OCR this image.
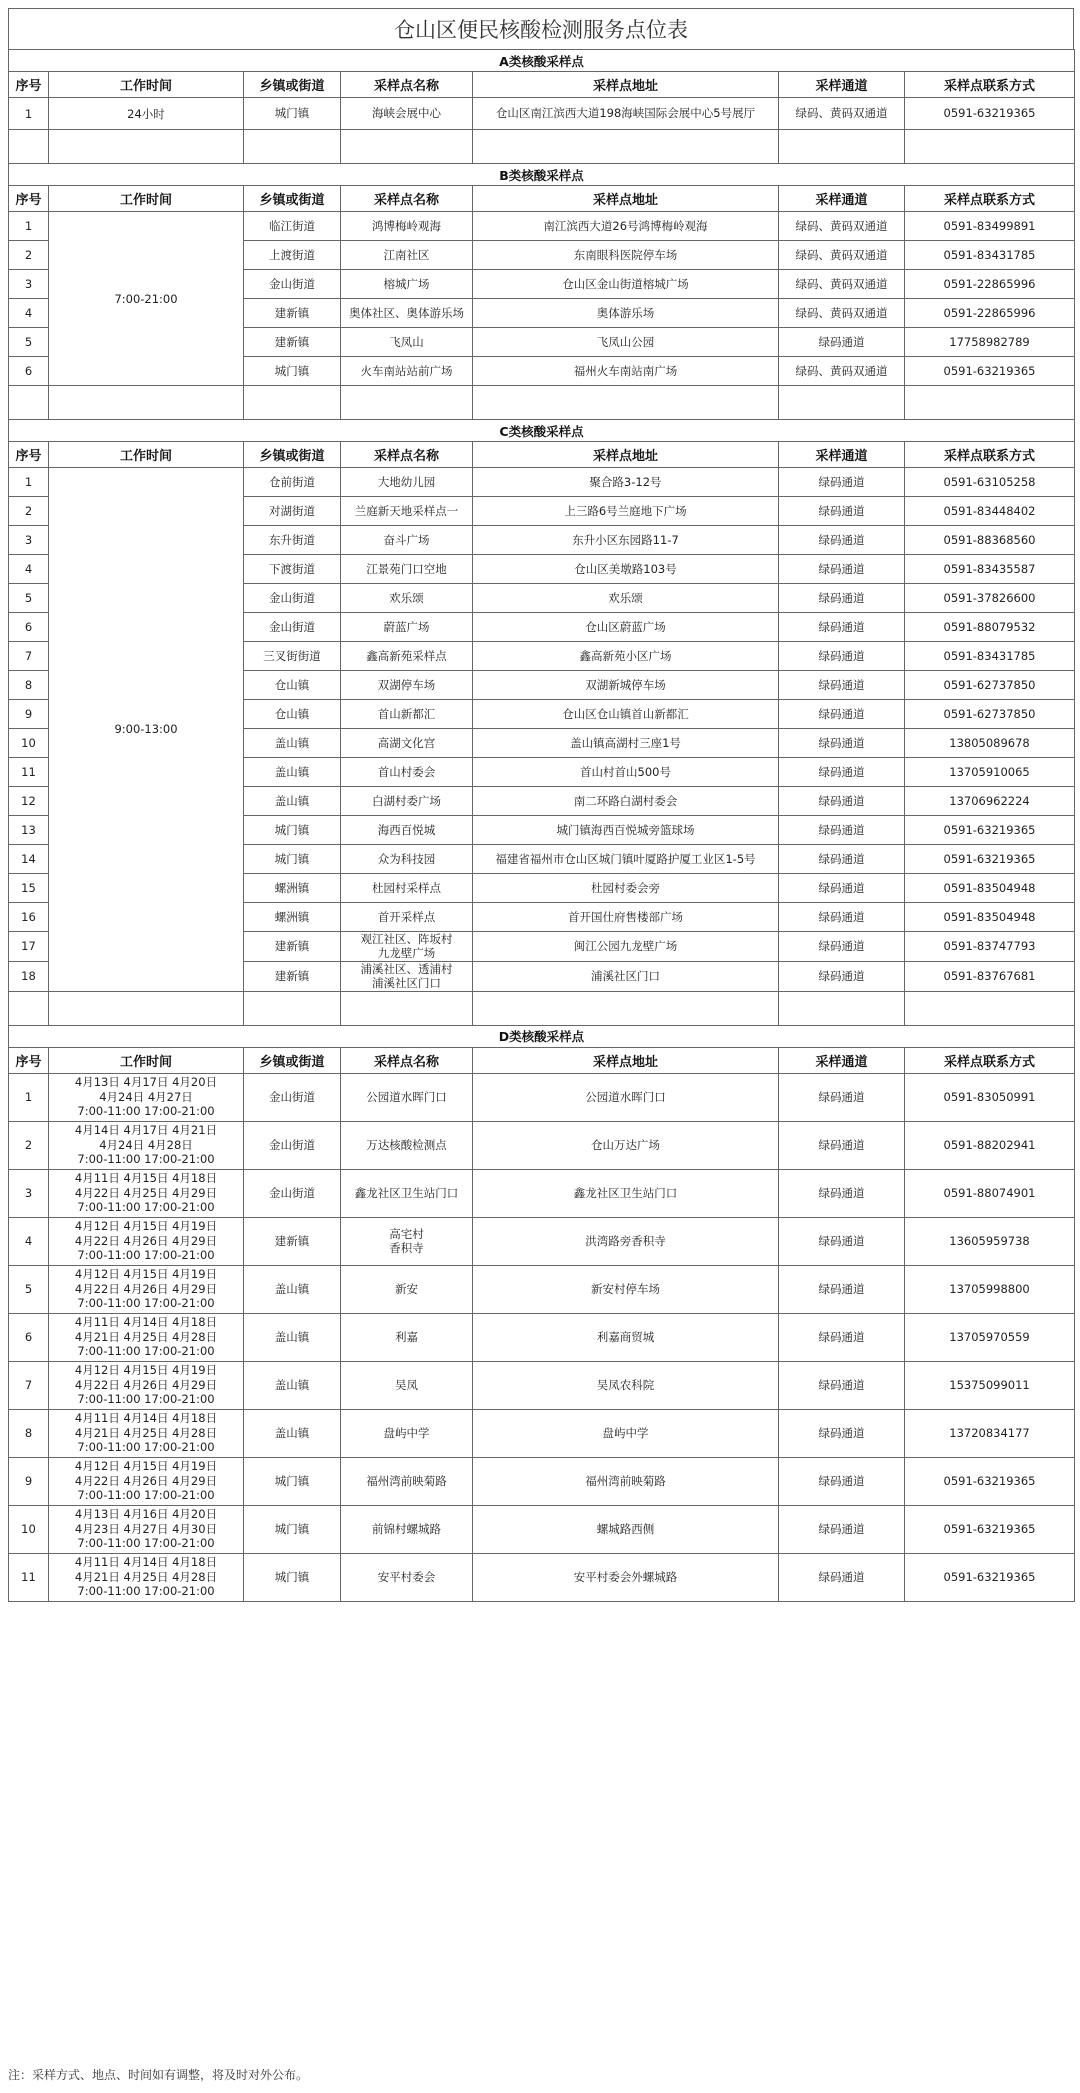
仓山区便民核酸检测服务点位表
A类核酸采样点						
序号	工作时间	乡镇或街道	采样点名称	采样点地址	采样通道	采样点联系方式
1	24小时	城门镇	海峡会展中心	仓山区南江滨西大道198海峡国际会展中心5号展厅	绿码、黄码双通道	0591-63219365

B类核酸采样点						
序号	工作时间	乡镇或街道	采样点名称	采样点地址	采样通道	采样点联系方式
1	7:00-21:00	临江街道	鸿博梅岭观海	南江滨西大道26号鸿博梅岭观海	绿码、黄码双通道	0591-83499891
2		上渡街道	江南社区	东南眼科医院停车场	绿码、黄码双通道	0591-83431785
3		金山街道	榕城广场	仓山区金山街道榕城广场	绿码、黄码双通道	0591-22865996
4		建新镇	奥体社区、奥体游乐场	奥体游乐场	绿码、黄码双通道	0591-22865996
5		建新镇	飞凤山	飞凤山公园	绿码通道	17758982789
6		城门镇	火车南站站前广场	福州火车南站南广场	绿码、黄码双通道	0591-63219365

C类核酸采样点						
序号	工作时间	乡镇或街道	采样点名称	采样点地址	采样通道	采样点联系方式
1	9:00-13:00	仓前街道	大地幼儿园	聚合路3-12号	绿码通道	0591-63105258
2		对湖街道	兰庭新天地采样点一	上三路6号兰庭地下广场	绿码通道	0591-83448402
3		东升街道	奋斗广场	东升小区东园路11-7	绿码通道	0591-88368560
4		下渡街道	江景苑门口空地	仓山区美墩路103号	绿码通道	0591-83435587
5		金山街道	欢乐颂	欢乐颂	绿码通道	0591-37826600
6		金山街道	蔚蓝广场	仓山区蔚蓝广场	绿码通道	0591-88079532
7		三叉街街道	鑫高新苑采样点	鑫高新苑小区广场	绿码通道	0591-83431785
8		仓山镇	双湖停车场	双湖新城停车场	绿码通道	0591-62737850
9		仓山镇	首山新都汇	仓山区仓山镇首山新都汇	绿码通道	0591-62737850
10		盖山镇	高湖文化宫	盖山镇高湖村三座1号	绿码通道	13805089678
11		盖山镇	首山村委会	首山村首山500号	绿码通道	13705910065
12		盖山镇	白湖村委广场	南二环路白湖村委会	绿码通道	13706962224
13		城门镇	海西百悦城	城门镇海西百悦城旁篮球场	绿码通道	0591-63219365
14		城门镇	众为科技园	福建省福州市仓山区城门镇叶厦路护厦工业区1-5号	绿码通道	0591-63219365
15		螺洲镇	杜园村采样点	杜园村委会旁	绿码通道	0591-83504948
16		螺洲镇	首开采样点	首开国仕府售楼部广场	绿码通道	0591-83504948
17		建新镇	观江社区、阵坂村
九龙壁广场	闽江公园九龙壁广场	绿码通道	0591-83747793
18		建新镇	浦溪社区、透浦村
浦溪社区门口	浦溪社区门口	绿码通道	0591-83767681

D类核酸采样点						
序号	工作时间	乡镇或街道	采样点名称	采样点地址	采样通道	采样点联系方式
1	4月13日 4月17日 4月20日
4月24日 4月27日
7:00-11:00 17:00-21:00	金山街道	公园道水晖门口	公园道水晖门口	绿码通道	0591-83050991
2	4月14日 4月17日 4月21日
4月24日 4月28日
7:00-11:00 17:00-21:00	金山街道	万达核酸检测点	仓山万达广场	绿码通道	0591-88202941
3	4月11日 4月15日 4月18日
4月22日 4月25日 4月29日
7:00-11:00 17:00-21:00	金山街道	鑫龙社区卫生站门口	鑫龙社区卫生站门口	绿码通道	0591-88074901
4	4月12日 4月15日 4月19日
4月22日 4月26日 4月29日
7:00-11:00 17:00-21:00	建新镇	高宅村
香积寺	洪湾路旁香积寺	绿码通道	13605959738
5	4月12日 4月15日 4月19日
4月22日 4月26日 4月29日
7:00-11:00 17:00-21:00	盖山镇	新安	新安村停车场	绿码通道	13705998800
6	4月11日 4月14日 4月18日
4月21日 4月25日 4月28日
7:00-11:00 17:00-21:00	盖山镇	利嘉	利嘉商贸城	绿码通道	13705970559
7	4月12日 4月15日 4月19日
4月22日 4月26日 4月29日
7:00-11:00 17:00-21:00	盖山镇	吴凤	吴凤农科院	绿码通道	15375099011
8	4月11日 4月14日 4月18日
4月21日 4月25日 4月28日
7:00-11:00 17:00-21:00	盖山镇	盘屿中学	盘屿中学	绿码通道	13720834177
9	4月12日 4月15日 4月19日
4月22日 4月26日 4月29日
7:00-11:00 17:00-21:00	城门镇	福州湾前映菊路	福州湾前映菊路	绿码通道	0591-63219365
10	4月13日 4月16日 4月20日
4月23日 4月27日 4月30日
7:00-11:00 17:00-21:00	城门镇	前锦村螺城路	螺城路西侧	绿码通道	0591-63219365
11	4月11日 4月14日 4月18日
4月21日 4月25日 4月28日
7:00-11:00 17:00-21:00	城门镇	安平村委会	安平村委会外螺城路	绿码通道	0591-63219365
注：采样方式、地点、时间如有调整，将及时对外公布。
